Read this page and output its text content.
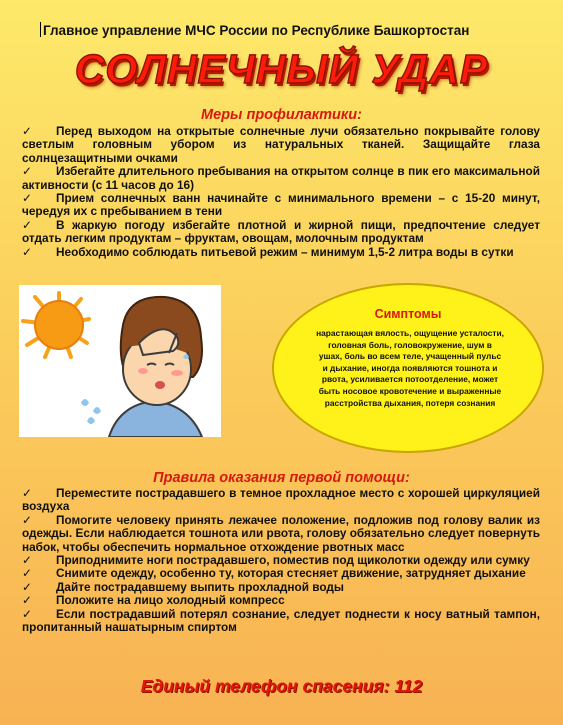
Главное управление МЧС России по Республике Башкортостан
СОЛНЕЧНЫЙ УДАР
Меры профилактики:
✓ Перед выходом на открытые солнечные лучи обязательно покрывайте голову светлым головным убором из натуральных тканей. Защищайте глаза солнцезащитными очками
✓ Избегайте длительного пребывания на открытом солнце в пик его максимальной активности (с 11 часов до 16)
✓ Прием солнечных ванн начинайте с минимального времени – с 15-20 минут, чередуя их с пребыванием в тени
✓ В жаркую погоду избегайте плотной и жирной пищи, предпочтение следует отдать легким продуктам – фруктам, овощам, молочным продуктам
✓ Необходимо соблюдать питьевой режим – минимум 1,5-2 литра воды в сутки
Симптомы
нарастающая вялость, ощущение усталости, головная боль, головокружение, шум в ушах, боль во всем теле, учащенный пульс и дыхание, иногда появляются тошнота и рвота, усиливается потоотделение, может быть носовое кровотечение и выраженные расстройства дыхания, потеря сознания
Правила оказания первой помощи:
✓ Переместите пострадавшего в темное прохладное место с хорошей циркуляцией воздуха
✓ Помогите человеку принять лежачее положение, подложив под голову валик из одежды. Если наблюдается тошнота или рвота, голову обязательно следует повернуть набок, чтобы обеспечить нормальное отхождение рвотных масс
✓ Приподнимите ноги пострадавшего, поместив под щиколотки одежду или сумку
✓ Снимите одежду, особенно ту, которая стесняет движение, затрудняет дыхание
✓ Дайте пострадавшему выпить прохладной воды
✓ Положите на лицо холодный компресс
✓ Если пострадавший потерял сознание, следует поднести к носу ватный тампон, пропитанный нашатырным спиртом
Единый телефон спасения: 112
